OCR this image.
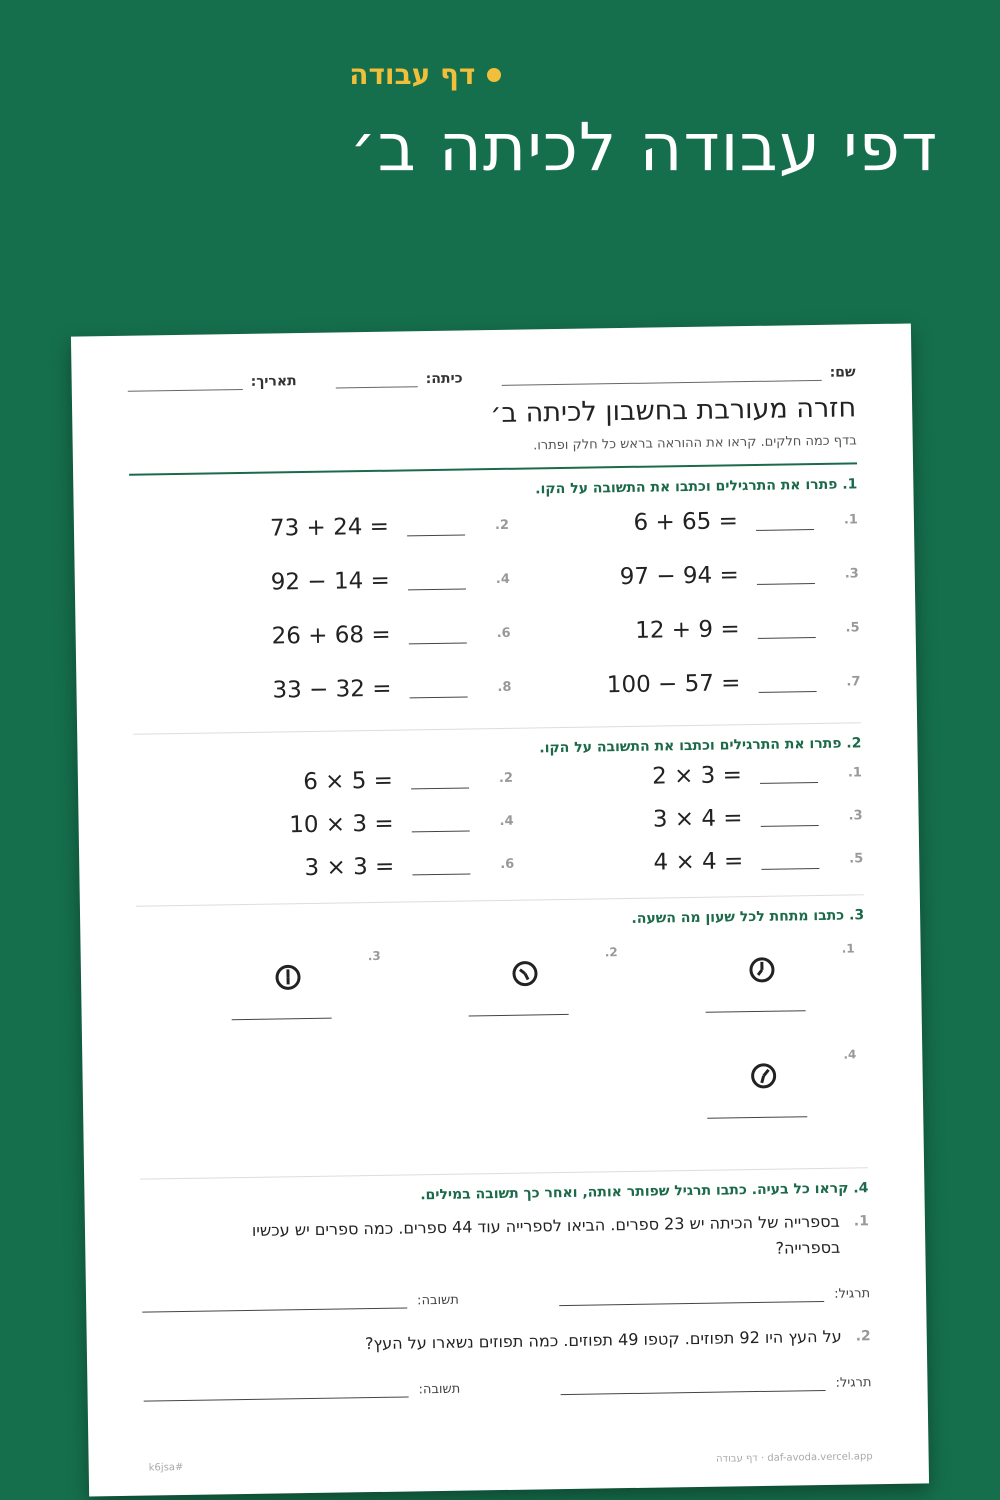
דף עבודה
דפי עבודה לכיתה ב׳
שם:
כיתה:
תאריך:
חזרה מעורבת בחשבון לכיתה ב׳
בדף כמה חלקים. קראו את ההוראה בראש כל חלק ופתרו.
1. פתרו את התרגילים וכתבו את התשובה על הקו.
1.
6 + 65 =
2.
73 + 24 =
3.
97 − 94 =
4.
92 − 14 =
5.
12 + 9 =
6.
26 + 68 =
7.
100 − 57 =
8.
33 − 32 =
2. פתרו את התרגילים וכתבו את התשובה על הקו.
1.
2 × 3 =
2.
6 × 5 =
3.
3 × 4 =
4.
10 × 3 =
5.
4 × 4 =
6.
3 × 3 =
3. כתבו מתחת לכל שעון מה השעה.
1.
2.
3.
4.
4. קראו כל בעיה. כתבו תרגיל שפותר אותה, ואחר כך תשובה במילים.
1.
בספרייה של הכיתה יש 23 ספרים. הביאו לספרייה עוד 44 ספרים. כמה ספרים יש עכשיו בספרייה?
תרגיל:
תשובה:
2.
על העץ היו 92 תפוזים. קטפו 49 תפוזים. כמה תפוזים נשארו על העץ?
תרגיל:
תשובה:
daf-avoda.vercel.app · דף עבודה
#k6jsa
